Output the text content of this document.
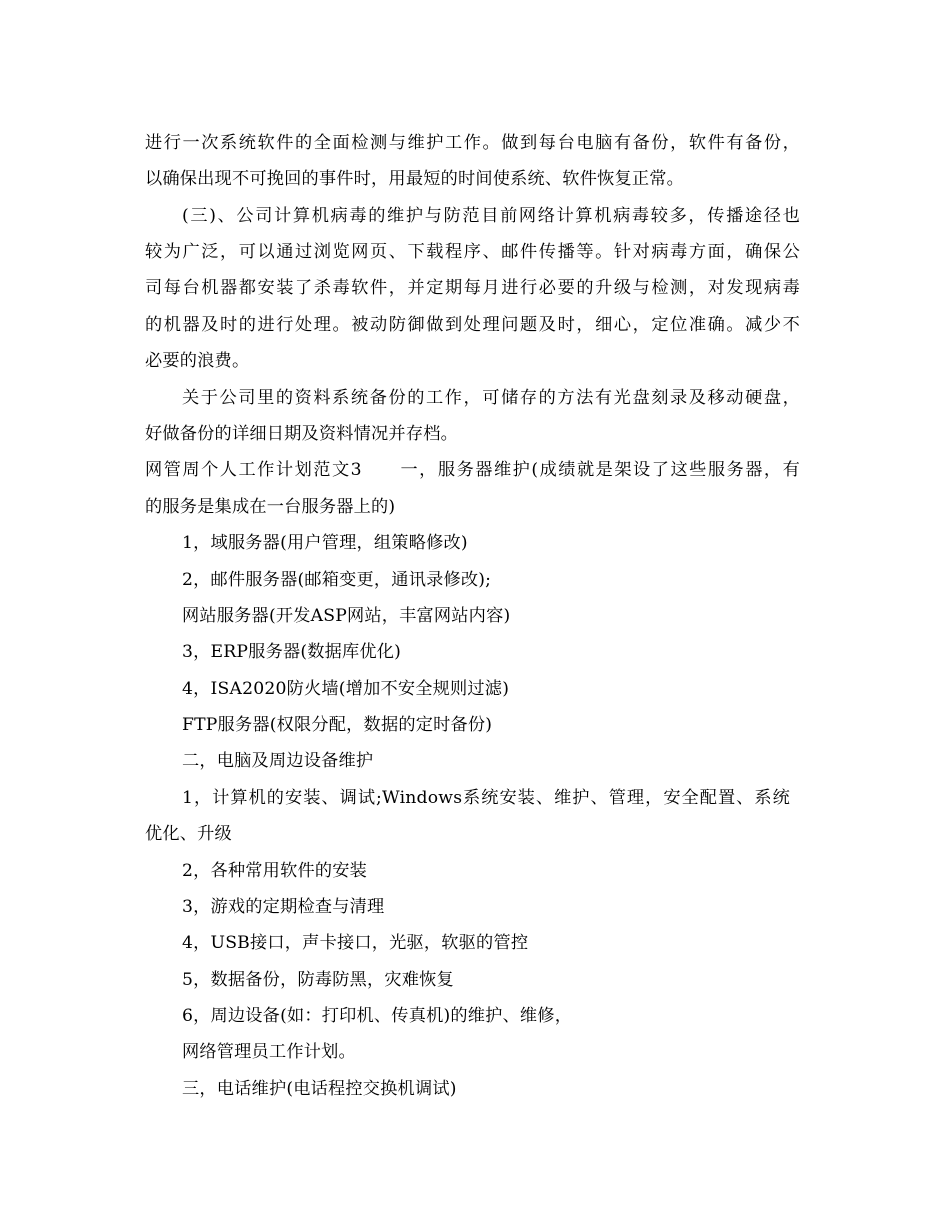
进行一次系统软件的全面检测与维护工作。做到每台电脑有备份，软件有备份，
以确保出现不可挽回的事件时，用最短的时间使系统、软件恢复正常。
(三)、公司计算机病毒的维护与防范目前网络计算机病毒较多，传播途径也
较为广泛，可以通过浏览网页、下载程序、邮件传播等。针对病毒方面，确保公
司每台机器都安装了杀毒软件，并定期每月进行必要的升级与检测，对发现病毒
的机器及时的进行处理。被动防御做到处理问题及时，细心，定位准确。减少不
必要的浪费。
关于公司里的资料系统备份的工作，可储存的方法有光盘刻录及移动硬盘，
好做备份的详细日期及资料情况并存档。
网管周个人工作计划范文3　　一，服务器维护(成绩就是架设了这些服务器，有
的服务是集成在一台服务器上的)
1，域服务器(用户管理，组策略修改)
2，邮件服务器(邮箱变更，通讯录修改);
网站服务器(开发ASP网站，丰富网站内容)
3，ERP服务器(数据库优化)
4，ISA2020防火墙(增加不安全规则过滤)
FTP服务器(权限分配，数据的定时备份)
二，电脑及周边设备维护
1，计算机的安装、调试;Windows系统安装、维护、管理，安全配置、系统
优化、升级
2，各种常用软件的安装
3，游戏的定期检查与清理
4，USB接口，声卡接口，光驱，软驱的管控
5，数据备份，防毒防黑，灾难恢复
6，周边设备(如：打印机、传真机)的维护、维修，
网络管理员工作计划。
三，电话维护(电话程控交换机调试)
